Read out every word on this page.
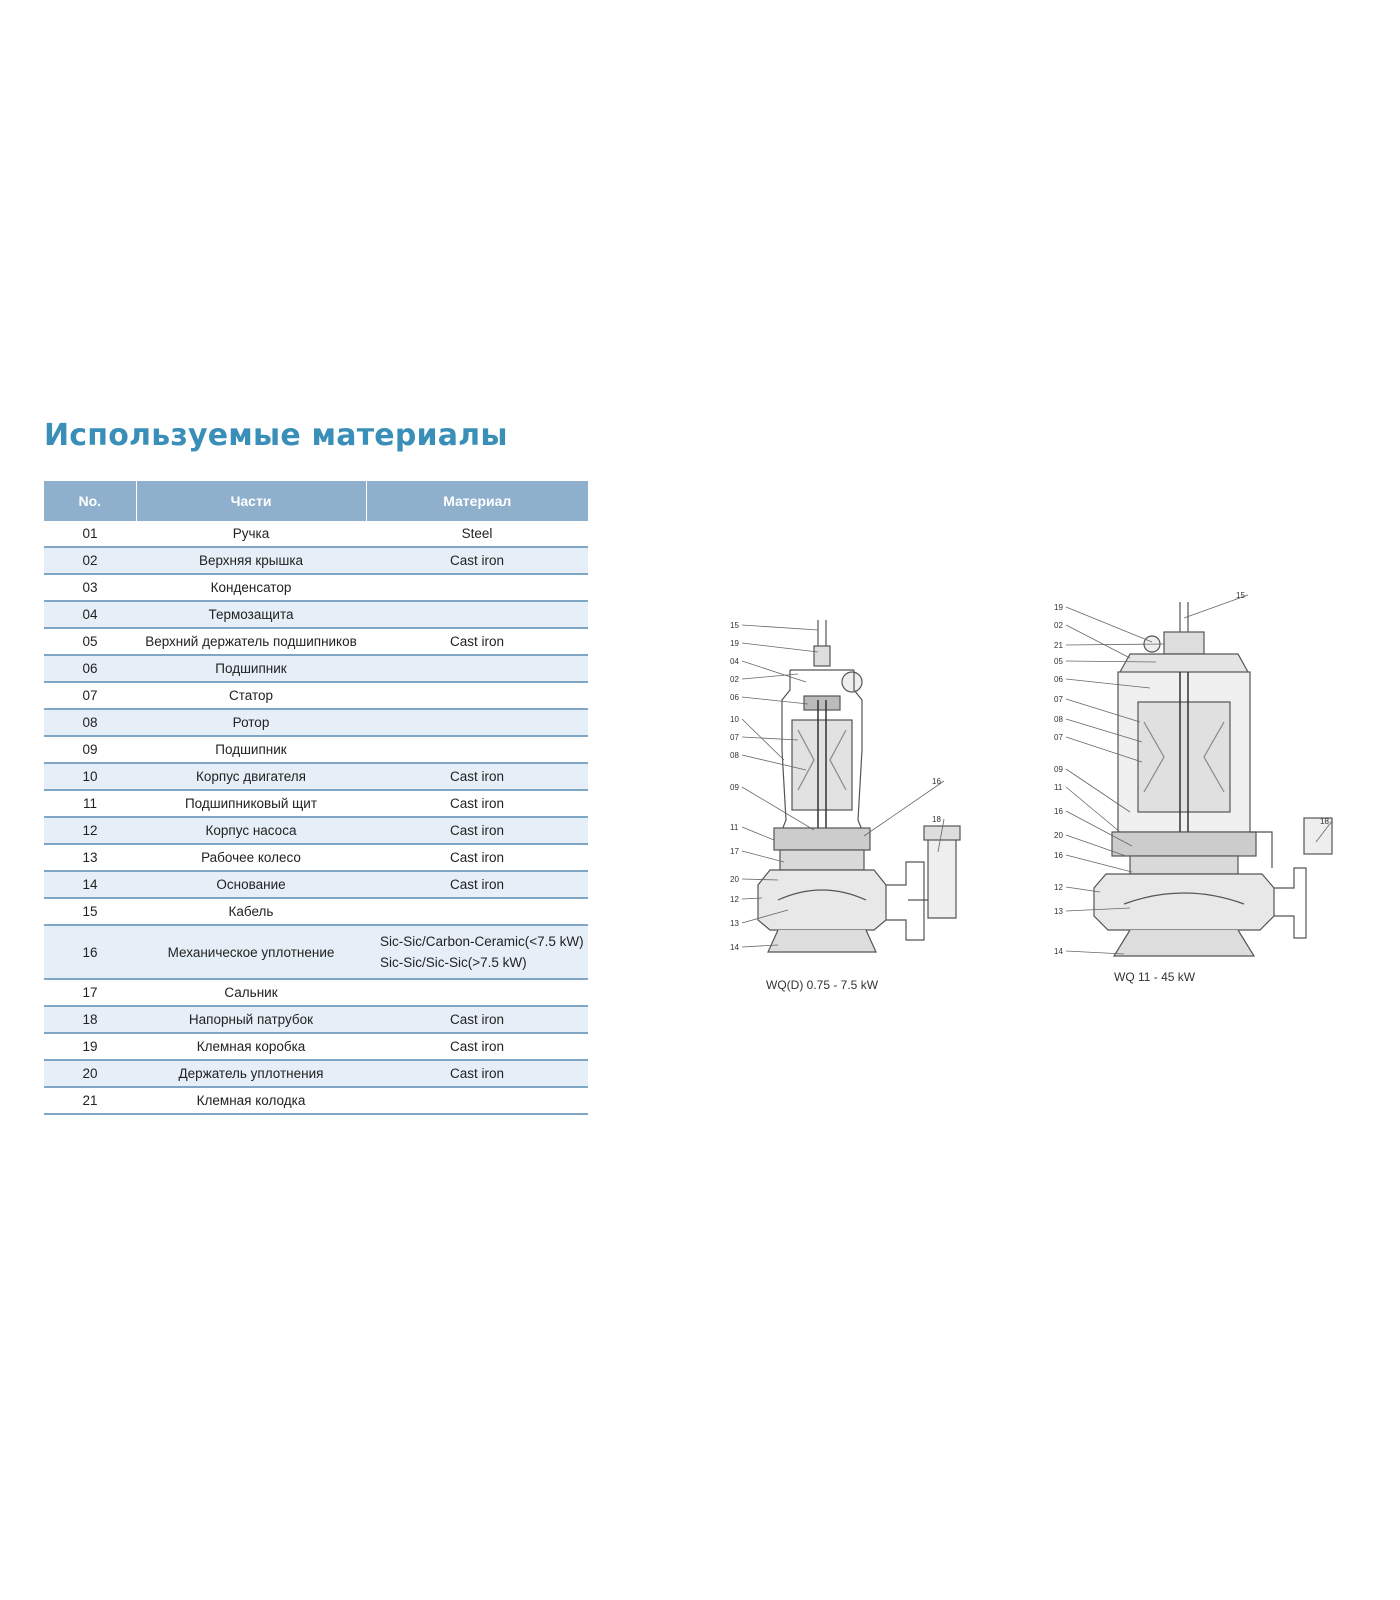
Используемые материалы
No.	Части	Материал
01	Ручка	Steel

02	Верхняя крышка	Cast iron

03	Конденсатор	
04	Термозащита	
05	Верхний держатель подшипников	Cast iron

06	Подшипник	
07	Статор	
08	Ротор	
09	Подшипник	
10	Корпус двигателя	Cast iron

11	Подшипниковый щит	Cast iron

12	Корпус насоса	Cast iron

13	Рабочее колесо	Cast iron

14	Основание	Cast iron

15	Кабель	
16	Механическое уплотнение	Sic-Sic/Carbon-Ceramic(<7.5 kW)
Sic-Sic/Sic-Sic(>7.5 kW)

17	Сальник	
18	Напорный патрубок	Cast iron

19	Клемная коробка	Cast iron

20	Держатель уплотнения	Cast iron

21	Клемная колодка	
15
19
04
02
06
10
07
08
09
11
17
20
12
13
14
16
18
WQ(D) 0.75 - 7.5 kW
19
02
21
05
06
07
08
07
09
11
16
20
16
12
13
14
15
18
WQ 11 - 45 kW
